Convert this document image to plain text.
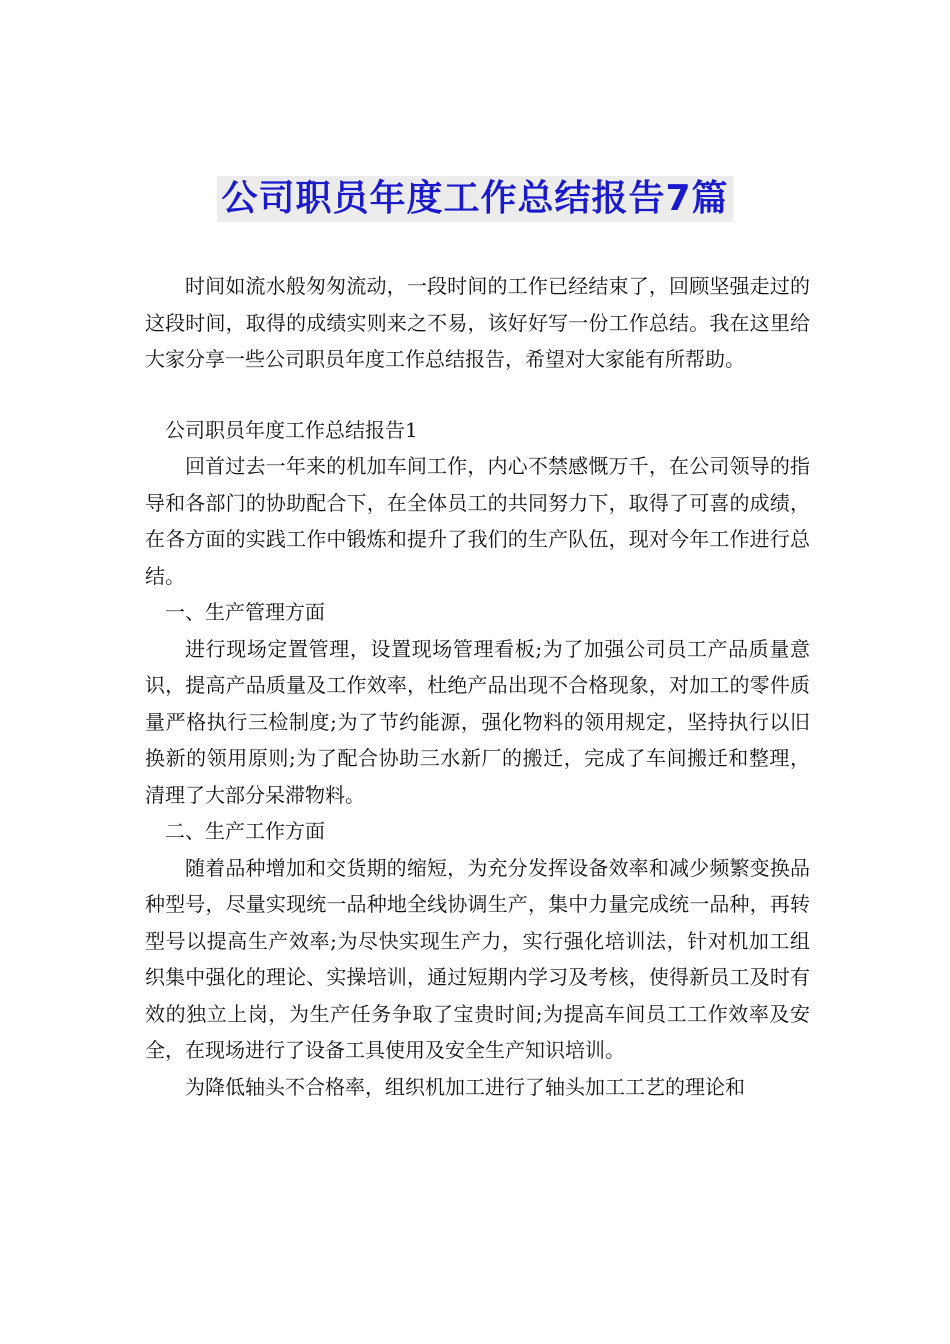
公司职员年度工作总结报告7篇

时间如流水般匆匆流动，一段时间的工作已经结束了，回顾坚强走过的这段时间，取得的成绩实则来之不易，该好好写一份工作总结。我在这里给大家分享一些公司职员年度工作总结报告，希望对大家能有所帮助。

公司职员年度工作总结报告1

回首过去一年来的机加车间工作，内心不禁感慨万千，在公司领导的指导和各部门的协助配合下，在全体员工的共同努力下，取得了可喜的成绩，在各方面的实践工作中锻炼和提升了我们的生产队伍，现对今年工作进行总结。

一、生产管理方面

进行现场定置管理，设置现场管理看板;为了加强公司员工产品质量意识，提高产品质量及工作效率，杜绝产品出现不合格现象，对加工的零件质量严格执行三检制度;为了节约能源，强化物料的领用规定，坚持执行以旧换新的领用原则;为了配合协助三水新厂的搬迁，完成了车间搬迁和整理，清理了大部分呆滞物料。

二、生产工作方面

随着品种增加和交货期的缩短，为充分发挥设备效率和减少频繁变换品种型号，尽量实现统一品种地全线协调生产，集中力量完成统一品种，再转型号以提高生产效率;为尽快实现生产力，实行强化培训法，针对机加工组织集中强化的理论、实操培训，通过短期内学习及考核，使得新员工及时有效的独立上岗，为生产任务争取了宝贵时间;为提高车间员工工作效率及安全，在现场进行了设备工具使用及安全生产知识培训。

为降低轴头不合格率，组织机加工进行了轴头加工工艺的理论和
